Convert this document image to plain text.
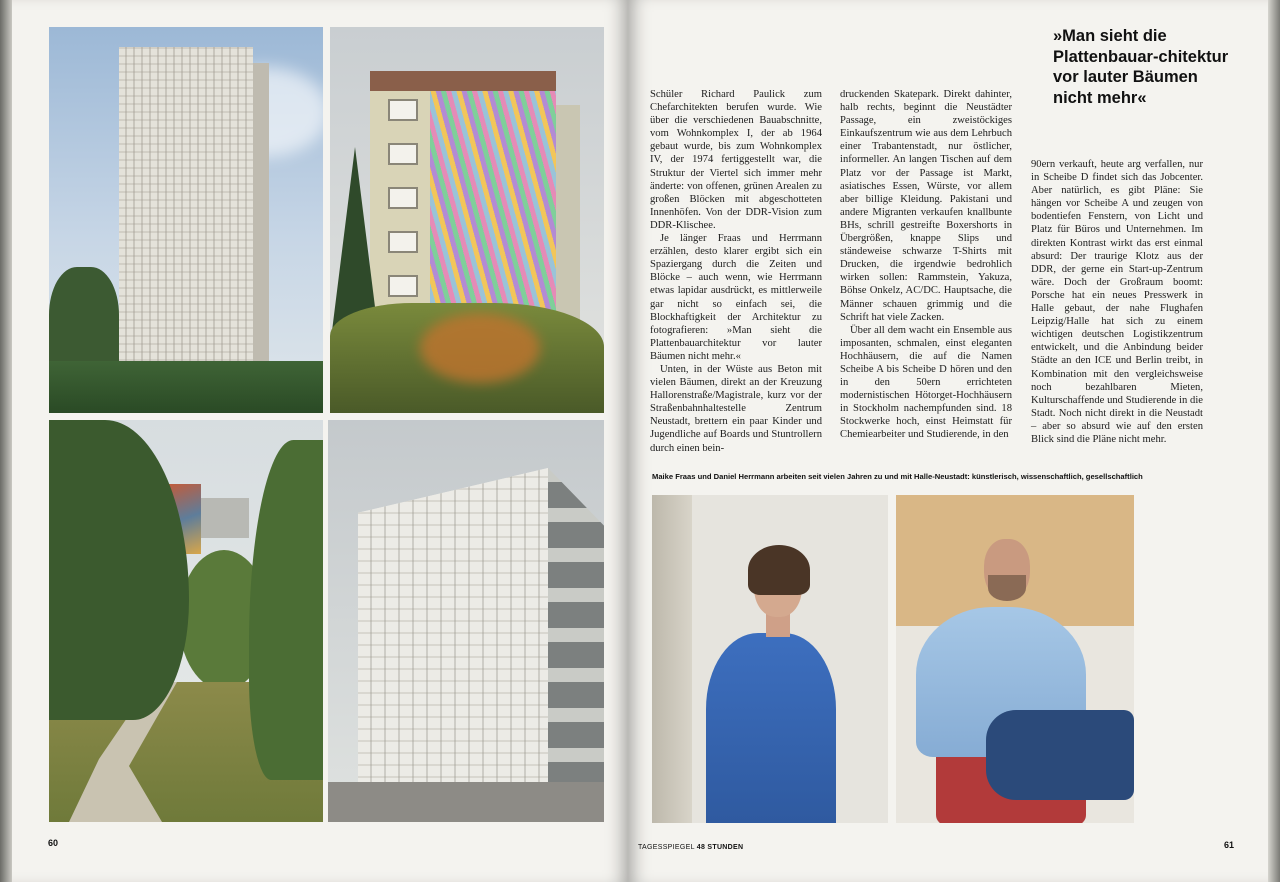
60

Schüler Richard Paulick zum Chefarchitekten berufen wurde. Wie über die verschiedenen Bauabschnitte, vom Wohnkomplex I, der ab 1964 gebaut wurde, bis zum Wohnkomplex IV, der 1974 fertiggestellt war, die Struktur der Viertel sich immer mehr änderte: von offenen, grünen Arealen zu großen Blöcken mit abgeschotteten Innenhöfen. Von der DDR-Vision zum DDR-Klischee.

Je länger Fraas und Herrmann erzählen, desto klarer ergibt sich ein Spaziergang durch die Zeiten und Blöcke – auch wenn, wie Herrmann etwas lapidar ausdrückt, es mittlerweile gar nicht so einfach sei, die Blockhaftigkeit der Architektur zu fotografieren: »Man sieht die Plattenbauarchitektur vor lauter Bäumen nicht mehr.«

Unten, in der Wüste aus Beton mit vielen Bäumen, direkt an der Kreuzung Hallorenstraße/Magistrale, kurz vor der Straßenbahnhaltestelle Zentrum Neustadt, brettern ein paar Kinder und Jugendliche auf Boards und Stuntrollern durch einen bein-

druckenden Skatepark. Direkt dahinter, halb rechts, beginnt die Neustädter Passage, ein zweistöckiges Einkaufszentrum wie aus dem Lehrbuch einer Trabantenstadt, nur östlicher, informeller. An langen Tischen auf dem Platz vor der Passage ist Markt, asiatisches Essen, Würste, vor allem aber billige Kleidung. Pakistani und andere Migranten verkaufen knallbunte BHs, schrill gestreifte Boxershorts in Übergrößen, knappe Slips und ständeweise schwarze T-Shirts mit Drucken, die irgendwie bedrohlich wirken sollen: Rammstein, Yakuza, Böhse Onkelz, AC/DC. Hauptsache, die Männer schauen grimmig und die Schrift hat viele Zacken.

Über all dem wacht ein Ensemble aus imposanten, schmalen, einst eleganten Hochhäusern, die auf die Namen Scheibe A bis Scheibe D hören und den in den 50ern errichteten modernistischen Hötorget-Hochhäusern in Stockholm nachempfunden sind. 18 Stockwerke hoch, einst Heimstatt für Chemiearbeiter und Studierende, in den

90ern verkauft, heute arg verfallen, nur in Scheibe D findet sich das Jobcenter. Aber natürlich, es gibt Pläne: Sie hängen vor Scheibe A und zeugen von bodentiefen Fenstern, von Licht und Platz für Büros und Unternehmen. Im direkten Kontrast wirkt das erst einmal absurd: Der traurige Klotz aus der DDR, der gerne ein Start-up-Zentrum wäre. Doch der Großraum boomt: Porsche hat ein neues Presswerk in Halle gebaut, der nahe Flughafen Leipzig/Halle hat sich zu einem wichtigen deutschen Logistikzentrum entwickelt, und die Anbindung beider Städte an den ICE und Berlin treibt, in Kombination mit den vergleichsweise noch bezahlbaren Mieten, Kulturschaffende und Studierende in die Stadt. Noch nicht direkt in die Neustadt – aber so absurd wie auf den ersten Blick sind die Pläne nicht mehr.

»Man sieht die Plattenbauar-chitektur vor lauter Bäumen nicht mehr«

Maike Fraas und Daniel Herrmann arbeiten seit vielen Jahren zu und mit Halle-Neustadt: künstlerisch, wissenschaftlich, gesellschaftlich

TAGESSPIEGEL 48 STUNDEN	61
